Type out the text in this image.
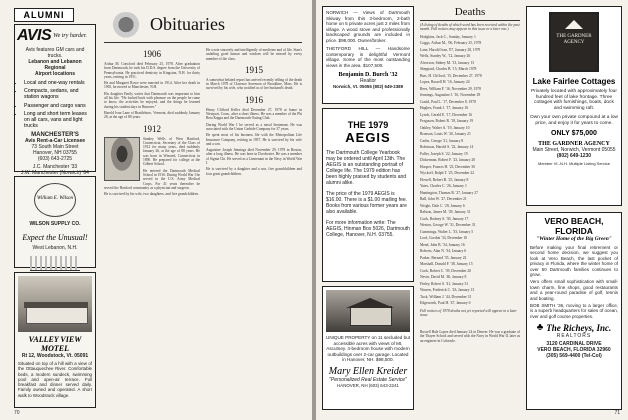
ALUMNI
AVIS We try harder.
Avis features GM cars and trucks.
Lebanon and Lebanon Regional
Airport locations
• Local and one-way rentals
• Compacts, sedans, and station wagons
• Passenger and cargo vans
• Long and short term leases on all cars, vans and light trucks
MANCHESTER'S
Avis Rent-a-Car Licensee
73 South Main Street
Hanover, NH 03755
(603) 643-2725
J.C. Manchester '33
J.W. Manchester (Norwich) '64
William E. Wilson
WILSON SUPPLY CO.
Expect the Unusual!
West Lebanon, N.H.
VALLEY VIEW MOTEL
Rt 12, Woodstock, Vt. 05091
Situated on top of a hill with a view of the Ottauquechee River. Comfortable beds, a modern sundeck, swimming pool and open-air terrace. Full breakfast and dinner served daily. Family owned and operated. A short walk to Woodstock village.
Obituaries
1906

Arthur M. Crawford died February 25, 1978. After graduation from Dartmouth, he took his D.D.S. degree from the University of Pennsylvania. He practiced dentistry in Kingston, N.H. for thirty years, retiring in 1951.

He and Margaret Rowe were married in 1914. After her death in 1965, he moved to Manchester, N.H.

His daughter Emily writes that Dartmouth was important to him all his life. "He looked back with pleasure on the people he came to know, the activities he enjoyed, and the things he learned during his student days in Hanover."

Harold Ivan Lane of Brattleboro, Vermont, died suddenly January 28, at the age of 80 years.

1912

Stanley Wells of West Hartford, Connecticut, Secretary of the Class of 1912 for many years, died suddenly January 26, at the age of 88 years. He was born in Winsted, Connecticut in 1890. He prepared for college at the Gilbert School.

He entered the Dartmouth Medical School in 1916. During World War I he served in the U.S. Army Medical Corps. For 41 years thereafter he served the Hartford community as a physician and surgeon.

He is survived by his wife, two daughters, and five grandchildren.

He wrote sincerely and intelligently of medicine and of life. Stan's unfailing good humor and wisdom will be missed by every member of the class.

1915

A somewhat belated report has arrived recently telling of the death in March 1978 of Clarence Sorenson of Brookline, Mass. He is survived by his wife, who notified us of her husband's death.

1916

Henry Clifford Keller died December 27, 1978 at home in Westport, Conn., after a short illness. He was a member of the Phi Beta Kappa and the Dartmouth Outing Club.

During World War I he served as a naval lieutenant. He was associated with the Union Carbide Company for 37 years.

He spent most of his business life with the Metropolitan Life Insurance Company, retiring in 1957. He is survived by his wife and a son.

Augustine Joseph Jennings died November 29, 1978 in Boston, after a long illness. He was born in Dorchester. He was a member of Sigma Chi. He served as a Lieutenant in the Navy in World War I.

He is survived by a daughter and a son, five grandchildren and four great grandchildren.

70
NORWICH — Views of Dartmouth Skiway from this 3-bedroom, 2-bath home on 5 private acres just 2 miles from village. A wood stove and professionally landscaped grounds are included in price. $98,000. Owner/broker.
THETFORD HILL — Handsome contemporary in delightful Vermont village. Some of the most outstanding views in the area. $107,500.
Benjamin D. Burch '32
Realtor
Norwich, Vt. 05055 (802) 649-2389
THE 1979
AEGIS
The Dartmouth College Yearbook may be ordered until April 13th. The AEGIS is an outstanding portrait of College life. The 1979 edition has been highly praised by students and alumni alike.
The price of the 1979 AEGIS is $16.00. There is a $1.00 mailing fee. Books from various former years are also available.
For more information write: The AEGIS, Hinman Box 5026, Dartmouth College, Hanover, N.H. 03755.
UNIQUE PROPERTY on 11 secluded but accessible acres with views of Mt. Ascutney. 4-bedroom house with modern outbuildings over 2-car garage. Located in Hanover, NH. $98,500.
Mary Ellen Kreider
"Personalized Real Estate Service"
HANOVER, NH (603) 643-2241
Deaths
(A listing of deaths of which word has been received within the past month. Full notices may appear in this issue or a later one.)
Hodgkins, Jack C., Sunday, January 1
Coggs, Arthur M., '06, February 25, 1978
Lane, Harold Ivan, '07, January 28, 1979
Wells, Stanley W., '12, January 26
Alvorson, Sidney M. '13, January 13
Sheppard, Charles B. '15, March 1978
Burt, H. Clifford, '15, December 27, 1978
Lopez, Russell H. '16, January 24
Rees, William F. '16, November 29, 1978
Jennings, Augustine J. '16, November 29
Gould, Paul L. '17, December 8, 1978
Hughes, Frank J. '17, January 16
Lynch, Gerald E. '17, December 16
Ferguson, Robert R. '18, January 19
Oakley, Walter A. '19, January 10
Bronson, Louis W. '20, January 21
Carlin, George '21, January 8
Robinson, Harold S. '22, January 14
Fuller, Joseph S. '22, January 19
Dickerman, Robert F. '23, January 20
Hooper, Francis H. '23, December 30
Wyckoff, Ralph T. '25, December 22
Howell, Robert B. '25, January 8
Yates, Charles C. '26, January 1
Huntington, Thomas B. '27, January 27
Ball, John W. '27, December 21
Wright, Dale C. '29, January 6
Ralston, James M. '29, January 31
Cook, Rodney S. '30, January 17
Weston, George W. '31, December 31
Cummings, Walter L. '33, January 5
Lord, Gordon '33, December 10
Mead, John B. '34, January 16
Roberts, Alan N. '34, January 6
Parker, Bernard '35, January 22
Marshall, Donald F. '38, January 15
Cook, Robert C. '39, December 20
Nevin, David M. '40, January 8
Finley, Robert S. '41, January 31
Warren, Frederick C. '43, January 13
Tuck, William J. '44, December 31
Edgeworth, Paul H. '47, January 6
Full notices of 1978 deaths not yet reported will appear in a later issue.

Russell Hale Lopez died January 24 in Denver. He was a graduate of the Thayer School and served with the Navy in World War II, later as an engineer in Colorado.

THE GARDNER AGENCY
Lake Fairlee Cottages
Privately located with approximately four hundred feet of lake frontage. Three cottages with furnishings, boats, dock and swimming raft.
Own your own private compound at a low price, and enjoy it for years to come.
ONLY $75,000
THE GARDNER AGENCY
Main Street, Norwich, Vermont 05055
(802) 649-1230
Member Vt.-N.H. Multiple Listing Service
VERO BEACH, FLORIDA
"Winter Home of the Big Green"
Before making your final retirement or second home decision, we suggest you look at Vero Beach, the last pocket of privacy in Florida, where the winter home of over 50 Dartmouth families continues to grow.
Vero offers small sophistication with small-town charm, fine shops, good restaurants and a year-round paradise of golf, tennis and boating.
BOB SMITH '36, moving to a larger office, is a superb headquarters for sales of ocean, river and golf course properties.
♣ The Richeys, Inc.
REALTORS
3120 CARDINAL DRIVE
VERO BEACH, FLORIDA 32960
(305) 569-4400 (Tel-Col)
71
